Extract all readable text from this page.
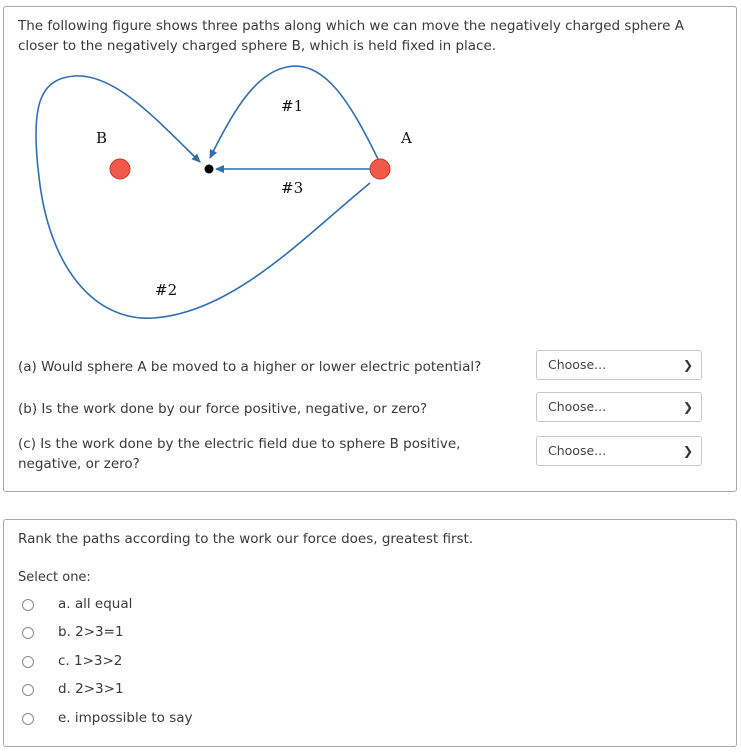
The following figure shows three paths along which we can move the negatively charged sphere A closer to the negatively charged sphere B, which is held fixed in place.

B	A
#1
#3
#2

(a) Would sphere A be moved to a higher or lower electric potential?	Choose...	❯

(b) Is the work done by our force positive, negative, or zero?	Choose...	❯

(c) Is the work done by the electric field due to sphere B positive, negative, or zero?

Choose...	❯

Rank the paths according to the work our force does, greatest first.

Select one:

a. all equal
b. 2>3=1
c. 1>3>2
d. 2>3>1
e. impossible to say
